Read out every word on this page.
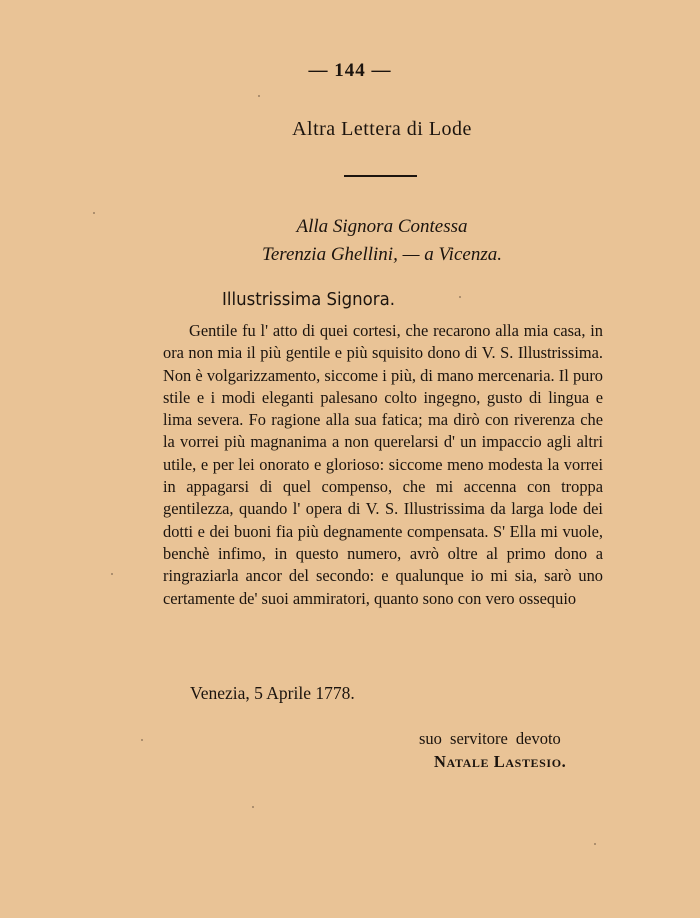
— 144 —
Altra Lettera di Lode
Alla Signora Contessa
Terenzia Ghellini, — a Vicenza.
Illustrissima Signora.

Gentile fu l' atto di quei cortesi, che recarono alla mia casa, in ora non mia il più gentile e più squisito dono di V. S. Illustrissima. Non è volgarizzamento, siccome i più, di mano mercenaria. Il puro stile e i modi eleganti palesano colto ingegno, gusto di lingua e lima severa. Fo ragione alla sua fatica; ma dirò con riverenza che la vorrei più magnanima a non querelarsi d' un impaccio agli altri utile, e per lei onorato e glorioso: siccome meno modesta la vorrei in appagarsi di quel compenso, che mi accenna con troppa gentilezza, quando l' opera di V. S. Illustrissima da larga lode dei dotti e dei buoni fia più degnamente compensata. S' Ella mi vuole, benchè infimo, in questo numero, avrò oltre al primo dono a ringraziarla ancor del secondo: e qualunque io mi sia, sarò uno certamente de' suoi ammiratori, quanto sono con vero ossequio

Venezia, 5 Aprile 1778.
suo servitore devoto
Natale Lastesio.
